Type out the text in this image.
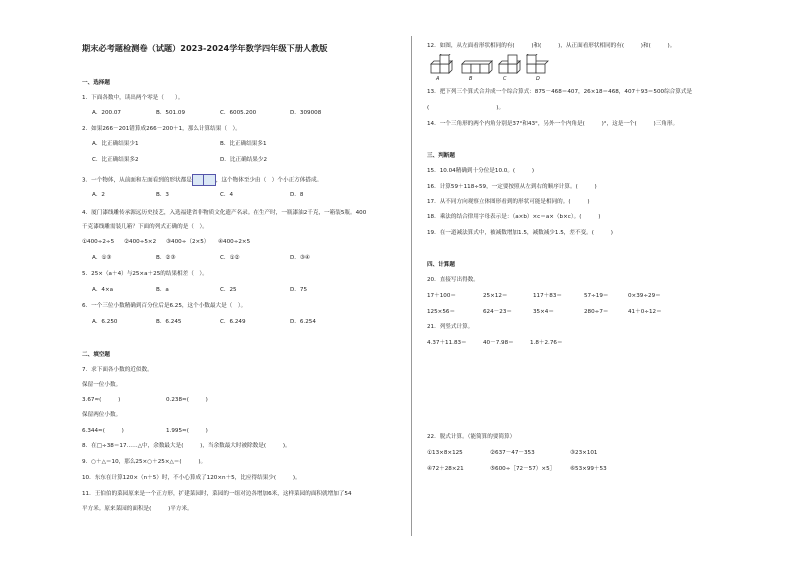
期末必考题检测卷（试题）2023-2024学年数学四年级下册人教版
一、选择题
1．下面各数中，读出两个零是（　　）。
A．200.07	B．501.09	C．6005.200	D．309008
2．如果266－201错算成266－200＋1，那么计算结果（　）。
A．比正确结果少1	B．比正确结果多1
C．比正确结果多2	D．比正确结果少2
3．一个物体，从前面和左面看到的形状都是	，这个物体至少由（　）个小正方体搭成。
A．2	B．3	C．4	D．8
4．厦门漆线雕传承源远历史技艺，入选福建省非物质文化遗产名录。在生产时，一瓶漆油2千克，一箱装5瓶。400
千克漆线雕需装几箱？下面的列式正确的是（　）。
①400÷2÷5 ②400÷5×2 ③400÷（2×5） ④400÷2×5
A．①③	B．②③	C．①②	D．③④
5．25×（a＋4）与25×a＋25的结果相差（　）。
A．4×a	B．a	C．25	D．75
6．一个三位小数精确到百分位后是6.25，这个小数最大是（　）。
A．6.250	B．6.245	C．6.249	D．6.254
二、填空题
7．求下面各小数的近似数。
保留一位小数。
3.67≈(　　　)	0.238≈(　　　)
保留两位小数。
6.344≈(　　　)	1.995≈(　　　)
8．在□÷38＝17……△中，余数最大是(　　　)，当余数最大时被除数是(　　　)。
9．○＋△＝10，那么25×○＋25×△＝(　　　)。
10．东东在计算120×（n＋5）时，不小心算成了120×n＋5，比应得结果少(　　　)。
11．王伯伯的菜园原来是一个正方形，扩建菜园时，菜园的一组对边各增加6米，这样菜园的面积就增加了54
平方米。原来菜园的面积是(　　　)平方米。
12．如图，从左面看形状相同的有(　　　)和(　　　)，从正面看形状相同的有(　　　)和(　　　)。
A	B	C	D
13．把下列三个算式合并成一个综合算式：875－468＝407，26×18＝468，407＋93＝500综合算式是
(　　　　　　　　　　　　)。
14．一个三角形的两个内角分别是37°和43°，另外一个内角是(　　　)°，这是一个(　　　)三角形。
三、判断题
15．10.04精确到十分位是10.0。(　　　)
16．计算59＋118÷59，一定要按照从左到右的顺序计算。(　　　)
17．从不同方向观察立体图形看到的形状可能是相同的。(　　　)
18．乘法的结合律用字母表示是：（a×b）×c＝a×（b×c）。(　　　)
19．在一道减法算式中，被减数增加1.5，减数减少1.5，差不变。(　　　)
四、计算题
20．直接写出得数。
17＋100＝	25×12＝	117＋83＝	57÷19＝	0×39÷29＝
125×56＝	624－23＝	35×4＝	280÷7＝	41＋0÷12＝
21．列竖式计算。
4.37＋11.83＝	40－7.98＝	1.8＋2.76＝
22．脱式计算。（能简算的要简算）
①13×8×125	②637－47－353	③23×101
④72＋28×21	⑤600÷［72－57）×5］	⑥53×99＋53
